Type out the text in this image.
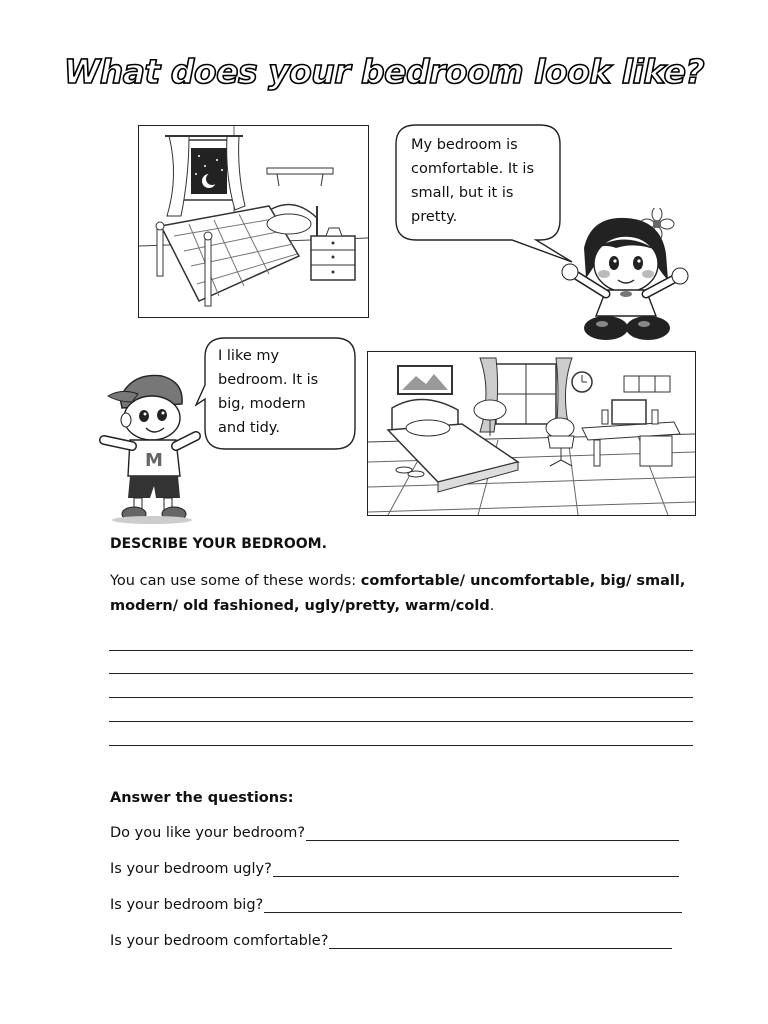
What does your bedroom look like?
My bedroom is
comfortable. It is
small, but it is
pretty.
I like my
bedroom. It is
big, modern
and tidy.
M
DESCRIBE YOUR BEDROOM.
You can use some of these words: comfortable/ uncomfortable, big/ small, modern/ old fashioned, ugly/pretty, warm/cold.
Answer the questions:
Do you like your bedroom?
Is your bedroom ugly?
Is your bedroom big?
Is your bedroom comfortable?
